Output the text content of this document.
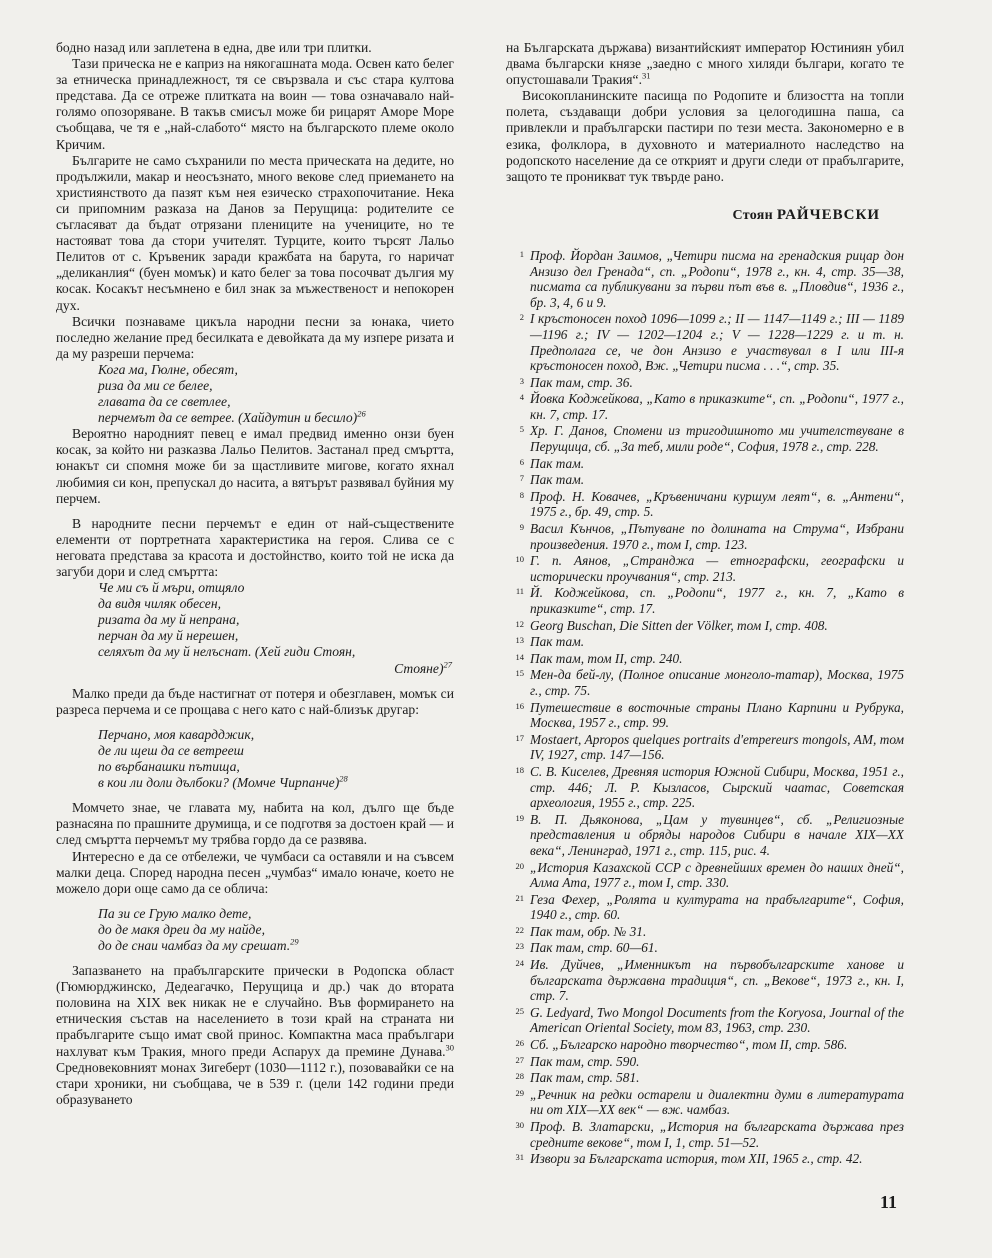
бодно назад или заплетена в една, две или три плитки.

Тази прическа не е каприз на някогашната мода. Освен като белег за етническа принадлежност, тя се свързвала и със стара култова представа. Да се отреже плитката на воин — това означавало най-голямо опозоряване. В такъв смисъл може би рицарят Аморе Море съобщава, че тя е „най-слабото“ място на българското племе около Кричим.

Българите не само съхранили по места прическата на дедите, но продължили, макар и неосъзнато, много векове след приемането на християнството да пазят към нея езическо страхопочитание. Нека си припомним разказа на Данов за Перущица: родителите се съгласяват да бъдат отрязани плениците на учениците, но те настояват това да стори учителят. Турците, които търсят Лальо Пелитов от с. Кръвеник заради кражбата на барута, го наричат „деликанлия“ (буен момък) и като белег за това посочват дългия му косак. Косакът несъмнено е бил знак за мъжественост и непокорен дух.

Всички познаваме цикъла народни песни за юнака, чието последно желание пред бесилката е девойката да му изпере ризата и да му разреши перчема:

Кога ма, Гюлне, обесят,
риза да ми се белее,
главата да се светлее,
перчемът да се ветрее. (Хайдутин и бесило)$^{26}$

Вероятно народният певец е имал предвид именно онзи буен косак, за който ни разказва Лальо Пелитов. Застанал пред смъртта, юнакът си спомня може би за щастливите мигове, когато яхнал любимия си кон, препускал до насита, а вятърът развявал буйния му перчем.

В народните песни перчемът е един от най-съществените елементи от портретната характеристика на героя. Слива се с неговата представа за красота и достойнство, които той не иска да загуби дори и след смъртта:

Че ми съ й мъри, отщяло
да видя чиляк обесен,
ризата да му й непрана,
перчан да му й нерешен,
селяхът да му й нелъснат. (Хей гиди Стоян,
Стояне)$^{27}$

Малко преди да бъде настигнат от потеря и обезглавен, момък си разреса перчема и се прощава с него като с най-близък другар:

Перчано, моя кавардджик,
де ли щеш да се ветрееш
по върбанашки пътища,
в кои ли доли дълбоки? (Момче Чирпанче)$^{28}$

Момчето знае, че главата му, набита на кол, дълго ще бъде разнасяна по прашните друмища, и се подготвя за достоен край — и след смъртта перчемът му трябва гордо да се развява.

Интересно е да се отбележи, че чумбаси са оставяли и на съвсем малки деца. Според народна песен „чумбаз“ имало юначе, което не можело дори още само да се облича:

Па зи се Грую малко дете,
до де макя дреи да му найде,
до де снаи чамбаз да му срешат.$^{29}$

Запазването на прабългарските прически в Родопска област (Гюмюрджинско, Дедеагачко, Перущица и др.) чак до втората половина на XIX век никак не е случайно. Във формирането на етническия състав на населението в този край на страната ни прабългарите също имат свой принос. Компактна маса прабългари нахлуват към Тракия, много преди Аспарух да премине Дунава.$^{30}$ Средновековният монах Зигеберт (1030—1112 г.), позовавайки се на стари хроники, ни съобщава, че в 539 г. (цели 142 години преди образуването

на Българската държава) византийският император Юстиниян убил двама български князе „заедно с много хиляди българи, когато те опустошавали Тракия“.$^{31}$

Високопланинските пасища по Родопите и близостта на топли полета, създаващи добри условия за целогодишна паша, са привлекли и прабългарски пастири по тези места. Закономерно е в езика, фолклора, в духовното и материалното наследство на родопското население да се открият и други следи от прабългарите, защото те проникват тук твърде рано.

Стоян РАЙЧЕВСКИ
1 Проф. Йордан Заимов, „Четири писма на гренадския рицар дон Анзизо дел Гренада“, сп. „Родопи“, 1978 г., кн. 4, стр. 35—38, писмата са публикувани за първи път във в. „Пловдив“, 1936 г., бр. 3, 4, 6 и 9.
2 I кръстоносен поход 1096—1099 г.; II — 1147—1149 г.; III — 1189—1196 г.; IV — 1202—1204 г.; V — 1228—1229 г. и т. н. Предполага се, че дон Анзизо е участвувал в I или III-я кръстоносен поход, Вж. „Четири писма . . .“, стр. 35.
3 Пак там, стр. 36.
4 Йовка Коджейкова, „Като в приказките“, сп. „Родопи“, 1977 г., кн. 7, стр. 17.
5 Хр. Г. Данов, Спомени из тригодишното ми учителствуване в Перущица, сб. „За теб, мили роде“, София, 1978 г., стр. 228.
6 Пак там.
7 Пак там.
8 Проф. Н. Ковачев, „Кръвеничани куршум леят“, в. „Антени“, 1975 г., бр. 49, стр. 5.
9 Васил Кънчов, „Пътуване по долината на Струма“, Избрани произведения. 1970 г., том I, стр. 123.
10 Г. п. Аянов, „Странджа — етнографски, географски и исторически проучвания“, стр. 213.
11 Й. Коджейкова, сп. „Родопи“, 1977 г., кн. 7, „Като в приказките“, стр. 17.
12 Georg Buschan, Die Sitten der Völker, том I, стр. 408.
13 Пак там.
14 Пак там, том II, стр. 240.
15 Мен-да бей-лу, (Полное описание монголо-татар), Москва, 1975 г., стр. 75.
16 Путешествие в восточные страны Плано Карпини и Рубрука, Москва, 1957 г., стр. 99.
17 Mostaert, Apropos quelques portraits d'empereurs mongols, AM, том IV, 1927, стр. 147—156.
18 С. В. Киселев, Древняя история Южной Сибири, Москва, 1951 г., стр. 446; Л. Р. Кызласов, Сырский чаатас, Советская археология, 1955 г., стр. 225.
19 В. П. Дьяконова, „Цам у тувинцев“, сб. „Религиозные представления и обряды народов Сибири в начале XIX—XX века“, Ленинград, 1971 г., стр. 115, рис. 4.
20 „История Казахской ССР с древнейших времен до наших дней“, Алма Ата, 1977 г., том I, стр. 330.
21 Геза Фехер, „Ролята и културата на прабългарите“, София, 1940 г., стр. 60.
22 Пак там, обр. № 31.
23 Пак там, стр. 60—61.
24 Ив. Дуйчев, „Именникът на първобългарските ханове и българската държавна традиция“, сп. „Векове“, 1973 г., кн. I, стр. 7.
25 G. Ledyard, Two Mongol Documents from the Koryosa, Journal of the American Oriental Society, том 83, 1963, стр. 230.
26 Сб. „Българско народно творчество“, том II, стр. 586.
27 Пак там, стр. 590.
28 Пак там, стр. 581.
29 „Речник на редки остарели и диалектни думи в литературата ни от XIX—XX век“ — вж. чамбаз.
30 Проф. В. Златарски, „История на българската държава през средните векове“, том I, 1, стр. 51—52.
31 Извори за Българската история, том XII, 1965 г., стр. 42.
11
